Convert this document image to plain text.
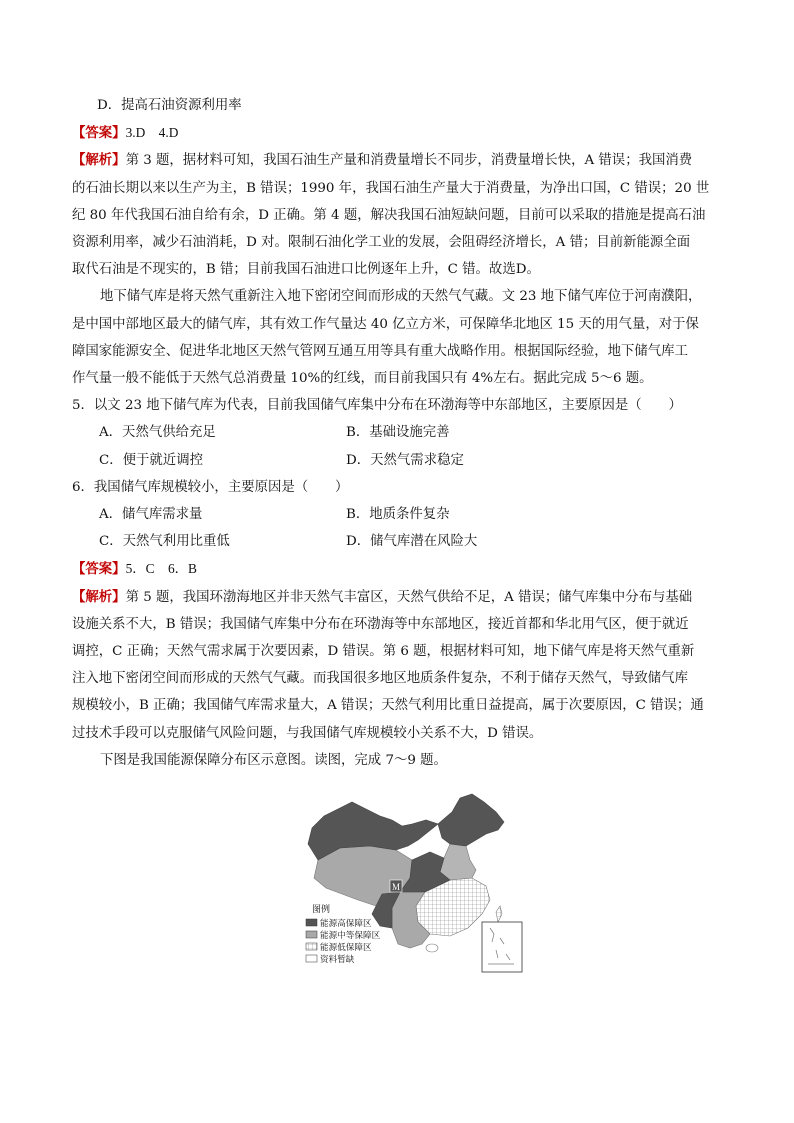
D．提高石油资源利用率
【答案】3.D　4.D
【解析】第 3 题，据材料可知，我国石油生产量和消费量增长不同步，消费量增长快，A 错误；我国消费
的石油长期以来以生产为主，B 错误；1990 年，我国石油生产量大于消费量，为净出口国，C 错误；20 世
纪 80 年代我国石油自给有余，D 正确。第 4 题，解决我国石油短缺问题，目前可以采取的措施是提高石油
资源利用率，减少石油消耗，D 对。限制石油化学工业的发展，会阻碍经济增长，A 错；目前新能源全面
取代石油是不现实的，B 错；目前我国石油进口比例逐年上升，C 错。故选D。
地下储气库是将天然气重新注入地下密闭空间而形成的天然气气藏。文 23 地下储气库位于河南濮阳，
是中国中部地区最大的储气库，其有效工作气量达 40 亿立方米，可保障华北地区 15 天的用气量，对于保
障国家能源安全、促进华北地区天然气管网互通互用等具有重大战略作用。根据国际经验，地下储气库工
作气量一般不能低于天然气总消费量 10%的红线，而目前我国只有 4%左右。据此完成 5～6 题。
5．以文 23 地下储气库为代表，目前我国储气库集中分布在环渤海等中东部地区，主要原因是（　　）
A．天然气供给充足	B．基础设施完善
C．便于就近调控	D．天然气需求稳定
6．我国储气库规模较小，主要原因是（　　）
A．储气库需求量	B．地质条件复杂
C．天然气利用比重低	D．储气库潜在风险大
【答案】5．C　6．B
【解析】第 5 题，我国环渤海地区并非天然气丰富区，天然气供给不足，A 错误；储气库集中分布与基础
设施关系不大，B 错误；我国储气库集中分布在环渤海等中东部地区，接近首都和华北用气区，便于就近
调控，C 正确；天然气需求属于次要因素，D 错误。第 6 题，根据材料可知，地下储气库是将天然气重新
注入地下密闭空间而形成的天然气气藏。而我国很多地区地质条件复杂，不利于储存天然气，导致储气库
规模较小，B 正确；我国储气库需求量大，A 错误；天然气利用比重日益提高，属于次要原因，C 错误；通
过技术手段可以克服储气风险问题，与我国储气库规模较小关系不大，D 错误。
下图是我国能源保障分布区示意图。读图，完成 7～9 题。
M
图例
能源高保障区
能源中等保障区
能源低保障区
资料暂缺
